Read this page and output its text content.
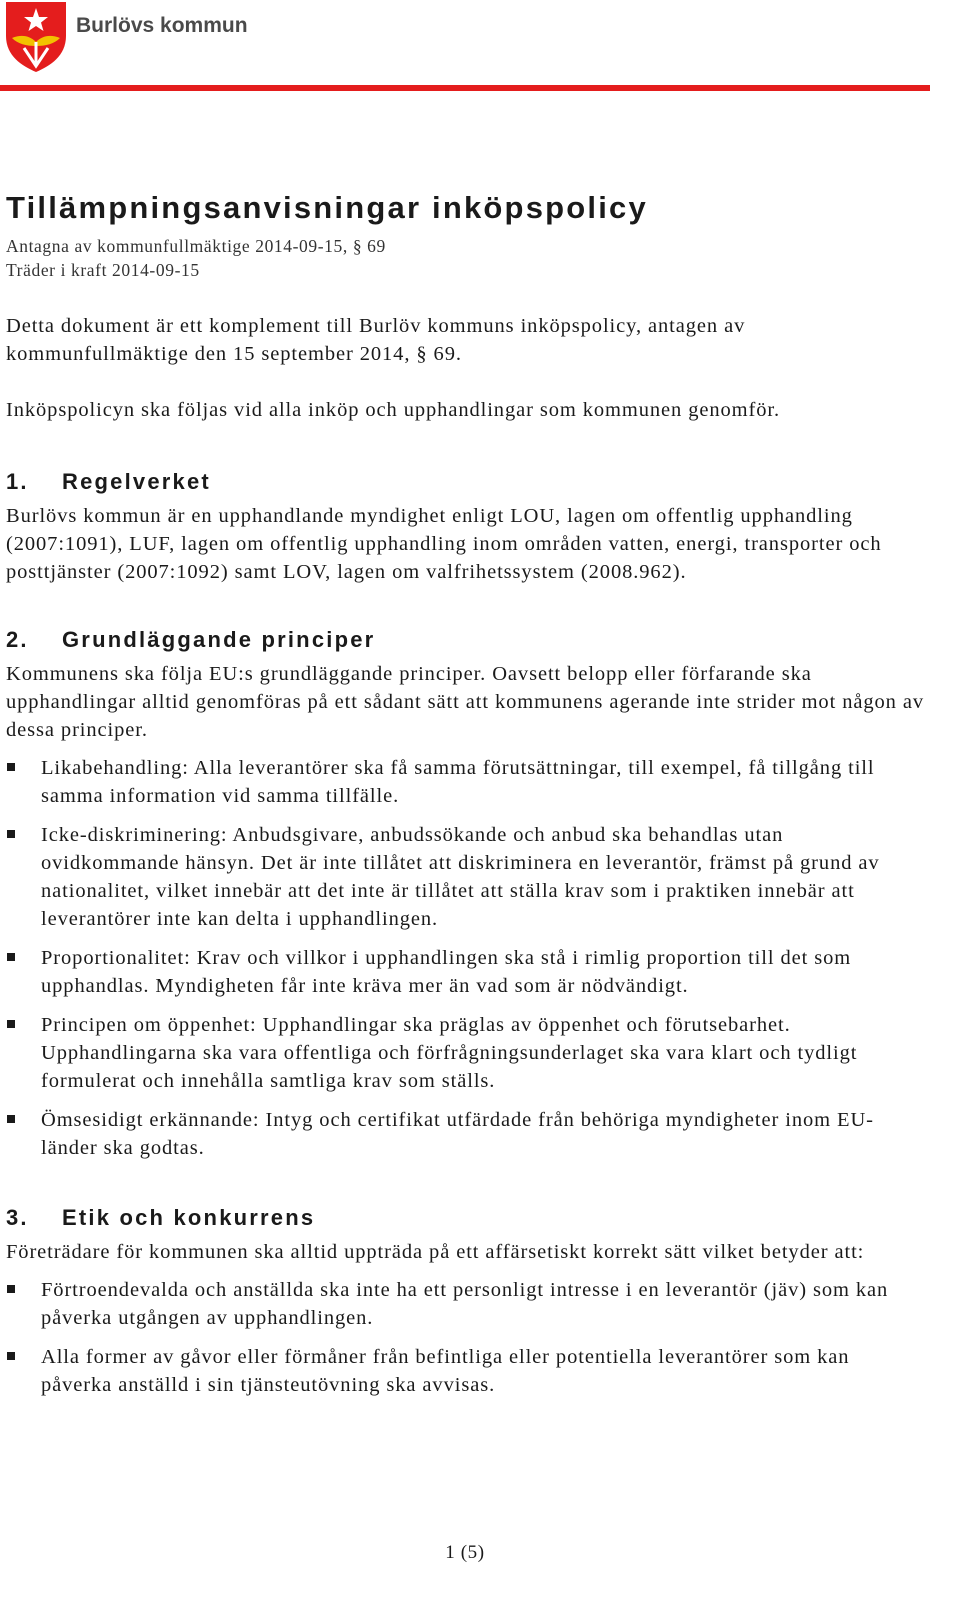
Burlövs kommun
Tillämpningsanvisningar inköpspolicy
Antagna av kommunfullmäktige 2014-09-15, § 69
Träder i kraft 2014-09-15

Detta dokument är ett komplement till Burlöv kommuns inköpspolicy, antagen av kommunfullmäktige den 15 september 2014, § 69.

Inköpspolicyn ska följas vid alla inköp och upphandlingar som kommunen genomför.

1. Regelverket

Burlövs kommun är en upphandlande myndighet enligt LOU, lagen om offentlig upphandling (2007:1091), LUF, lagen om offentlig upphandling inom områden vatten, energi, transporter och posttjänster (2007:1092) samt LOV, lagen om valfrihetssystem (2008.962).

2. Grundläggande principer

Kommunens ska följa EU:s grundläggande principer. Oavsett belopp eller förfarande ska upphandlingar alltid genomföras på ett sådant sätt att kommunens agerande inte strider mot någon av dessa principer.

Likabehandling: Alla leverantörer ska få samma förutsättningar, till exempel, få tillgång till samma information vid samma tillfälle.
Icke-diskriminering: Anbudsgivare, anbudssökande och anbud ska behandlas utan ovidkommande hänsyn. Det är inte tillåtet att diskriminera en leverantör, främst på grund av nationalitet, vilket innebär att det inte är tillåtet att ställa krav som i praktiken innebär att leverantörer inte kan delta i upphandlingen.
Proportionalitet: Krav och villkor i upphandlingen ska stå i rimlig proportion till det som upphandlas. Myndigheten får inte kräva mer än vad som är nödvändigt.
Principen om öppenhet: Upphandlingar ska präglas av öppenhet och förutsebarhet. Upphandlingarna ska vara offentliga och förfrågningsunderlaget ska vara klart och tydligt formulerat och innehålla samtliga krav som ställs.
Ömsesidigt erkännande: Intyg och certifikat utfärdade från behöriga myndigheter inom EU-länder ska godtas.
3. Etik och konkurrens

Företrädare för kommunen ska alltid uppträda på ett affärsetiskt korrekt sätt vilket betyder att:

Förtroendevalda och anställda ska inte ha ett personligt intresse i en leverantör (jäv) som kan påverka utgången av upphandlingen.
Alla former av gåvor eller förmåner från befintliga eller potentiella leverantörer som kan påverka anställd i sin tjänsteutövning ska avvisas.
1 (5)
